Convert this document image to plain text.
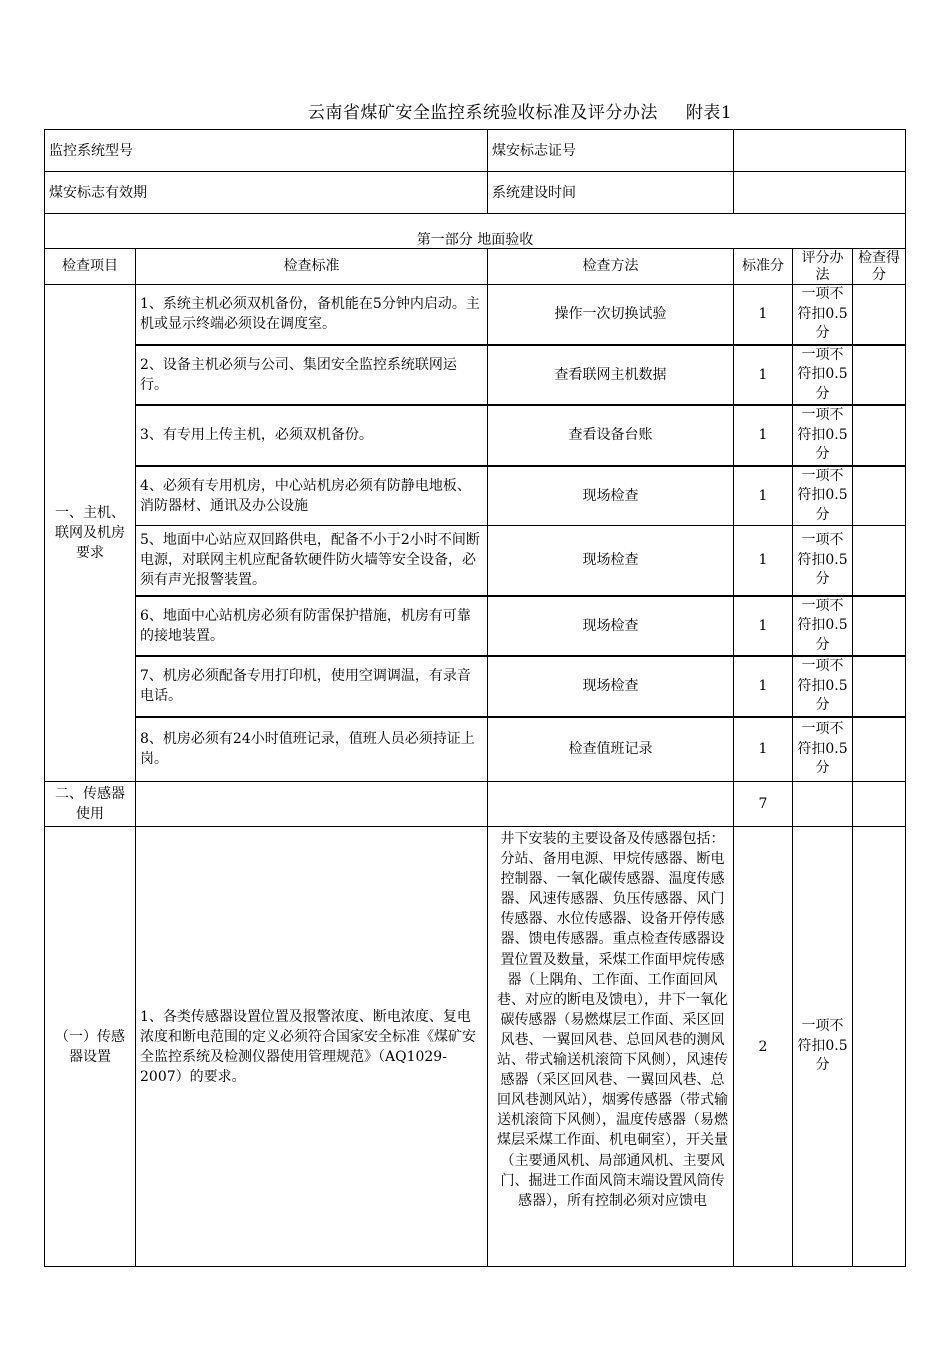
云南省煤矿安全监控系统验收标准及评分办法 附表1
监控系统型号		煤安标志证号			
煤安标志有效期		系统建设时间			
第一部分 地面验收					
检查项目	检查标准	检查方法	标准分	评分办法	检查得分
一、主机、联网及机房要求	1、系统主机必须双机备份，备机能在5分钟内启动。主机或显示终端必须设在调度室。	操作一次切换试验	1	一项不符扣0.5分	
	2、设备主机必须与公司、集团安全监控系统联网运行。	查看联网主机数据	1	一项不符扣0.5分	
	3、有专用上传主机，必须双机备份。	查看设备台账	1	一项不符扣0.5分	
	4、必须有专用机房，中心站机房必须有防静电地板、消防器材、通讯及办公设施	现场检查	1	一项不符扣0.5分	
	5、地面中心站应双回路供电，配备不小于2小时不间断电源，对联网主机应配备软硬件防火墙等安全设备，必须有声光报警装置。	现场检查	1	一项不符扣0.5分	
	6、地面中心站机房必须有防雷保护措施，机房有可靠的接地装置。	现场检查	1	一项不符扣0.5分	
	7、机房必须配备专用打印机，使用空调调温，有录音电话。	现场检查	1	一项不符扣0.5分	
	8、机房必须有24小时值班记录，值班人员必须持证上岗。	检查值班记录	1	一项不符扣0.5分	
二、传感器使用			7		
（一）传感器设置	1、各类传感器设置位置及报警浓度、断电浓度、复电浓度和断电范围的定义必须符合国家安全标准《煤矿安全监控系统及检测仪器使用管理规范》（AQ1029-2007）的要求。	井下安装的主要设备及传感器包括：分站、备用电源、甲烷传感器、断电控制器、一氧化碳传感器、温度传感器、风速传感器、负压传感器、风门传感器、水位传感器、设备开停传感器、馈电传感器。重点检查传感器设置位置及数量，采煤工作面甲烷传感器（上隅角、工作面、工作面回风巷、对应的断电及馈电），井下一氧化碳传感器（易燃煤层工作面、采区回风巷、一翼回风巷、总回风巷的测风站、带式输送机滚筒下风侧），风速传感器（采区回风巷、一翼回风巷、总回风巷测风站），烟雾传感器（带式输送机滚筒下风侧），温度传感器（易燃煤层采煤工作面、机电硐室），开关量（主要通风机、局部通风机、主要风门、掘进工作面风筒末端设置风筒传感器），所有控制必须对应馈电	2	一项不符扣0.5分	
